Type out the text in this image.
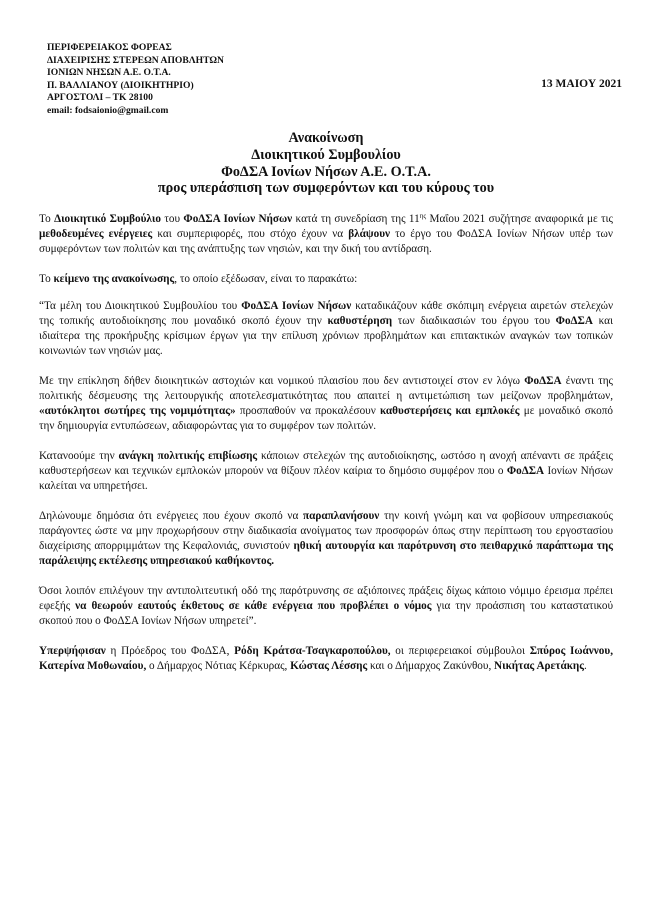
ΠΕΡΙΦΕΡΕΙΑΚΟΣ ΦΟΡΕΑΣ
ΔΙΑΧΕΙΡΙΣΗΣ ΣΤΕΡΕΩΝ ΑΠΟΒΛΗΤΩΝ
ΙΟΝΙΩΝ ΝΗΣΩΝ Α.Ε. Ο.Τ.Α.
Π. ΒΑΛΛΙΑΝΟΥ (ΔΙΟΙΚΗΤΗΡΙΟ)
ΑΡΓΟΣΤΟΛΙ – ΤΚ 28100
email: fodsaionio@gmail.com
13 ΜΑΙΟΥ 2021
Ανακοίνωση
Διοικητικού Συμβουλίου
ΦοΔΣΑ Ιονίων Νήσων Α.Ε. Ο.Τ.Α.
προς υπεράσπιση των συμφερόντων και του κύρους του

Το Διοικητικό Συμβούλιο του ΦοΔΣΑ Ιονίων Νήσων κατά τη συνεδρίαση της $11^{\eta\varsigma}$ Μαΐου 2021 συζήτησε αναφορικά με τις μεθοδευμένες ενέργειες και συμπεριφορές, που στόχο έχουν να βλάψουν το έργο του ΦοΔΣΑ Ιονίων Νήσων υπέρ των συμφερόντων των πολιτών και της ανάπτυξης των νησιών, και την δική του αντίδραση.

Το κείμενο της ανακοίνωσης, το οποίο εξέδωσαν, είναι το παρακάτω:

“Τα μέλη του Διοικητικού Συμβουλίου του ΦοΔΣΑ Ιονίων Νήσων καταδικάζουν κάθε σκόπιμη ενέργεια αιρετών στελεχών της τοπικής αυτοδιοίκησης που μοναδικό σκοπό έχουν την καθυστέρηση των διαδικασιών του έργου του ΦοΔΣΑ και ιδιαίτερα της προκήρυξης κρίσιμων έργων για την επίλυση χρόνιων προβλημάτων και επιτακτικών αναγκών των τοπικών κοινωνιών των νησιών μας.

Με την επίκληση δήθεν διοικητικών αστοχιών και νομικού πλαισίου που δεν αντιστοιχεί στον εν λόγω ΦοΔΣΑ έναντι της πολιτικής δέσμευσης της λειτουργικής αποτελεσματικότητας που απαιτεί η αντιμετώπιση των μείζονων προβλημάτων, «αυτόκλητοι σωτήρες της νομιμότητας» προσπαθούν να προκαλέσουν καθυστερήσεις και εμπλοκές με μοναδικό σκοπό την δημιουργία εντυπώσεων, αδιαφορώντας για το συμφέρον των πολιτών.

Κατανοούμε την ανάγκη πολιτικής επιβίωσης κάποιων στελεχών της αυτοδιοίκησης, ωστόσο η ανοχή απέναντι σε πράξεις καθυστερήσεων και τεχνικών εμπλοκών μπορούν να θίξουν πλέον καίρια το δημόσιο συμφέρον που ο ΦοΔΣΑ Ιονίων Νήσων καλείται να υπηρετήσει.

Δηλώνουμε δημόσια ότι ενέργειες που έχουν σκοπό να παραπλανήσουν την κοινή γνώμη και να φοβίσουν υπηρεσιακούς παράγοντες ώστε να μην προχωρήσουν στην διαδικασία ανοίγματος των προσφορών όπως στην περίπτωση του εργοστασίου διαχείρισης απορριμμάτων της Κεφαλονιάς, συνιστούν ηθική αυτουργία και παρότρυνση στο πειθαρχικό παράπτωμα της παράλειψης εκτέλεσης υπηρεσιακού καθήκοντος.

Όσοι λοιπόν επιλέγουν την αντιπολιτευτική οδό της παρότρυνσης σε αξιόποινες πράξεις δίχως κάποιο νόμιμο έρεισμα πρέπει εφεξής να θεωρούν εαυτούς έκθετους σε κάθε ενέργεια που προβλέπει ο νόμος για την προάσπιση του καταστατικού σκοπού που ο ΦοΔΣΑ Ιονίων Νήσων υπηρετεί”.

Υπερψήφισαν η Πρόεδρος του ΦοΔΣΑ, Ρόδη Κράτσα-Τσαγκαροπούλου, οι περιφερειακοί σύμβουλοι Σπύρος Ιωάννου, Κατερίνα Μοθωναίου, ο Δήμαρχος Νότιας Κέρκυρας, Κώστας Λέσσης και ο Δήμαρχος Ζακύνθου, Νικήτας Αρετάκης.
